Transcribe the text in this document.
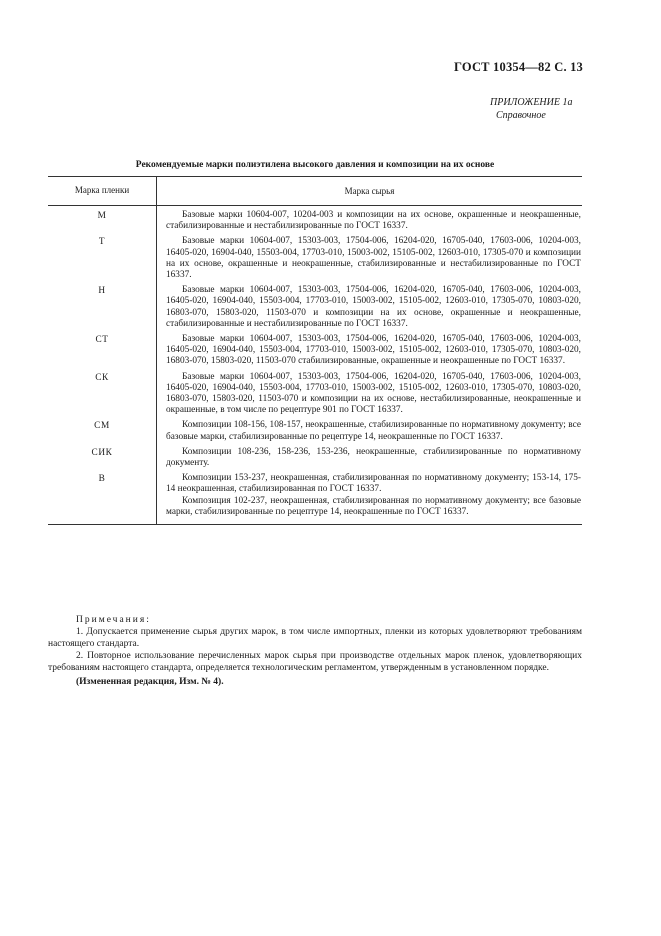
ГОСТ 10354—82 С. 13
ПРИЛОЖЕНИЕ 1а
Справочное
Рекомендуемые марки полиэтилена высокого давления и композиции на их основе
Марка пленки	Марка сырья
М	Базовые марки 10604-007, 10204-003 и композиции на их основе, окрашенные и неокрашенные, стабилизированные и нестабилизированные по ГОСТ 16337.

Т	Базовые марки 10604-007, 15303-003, 17504-006, 16204-020, 16705-040, 17603-006, 10204-003, 16405-020, 16904-040, 15503-004, 17703-010, 15003-002, 15105-002, 12603-010, 17305-070 и композиции на их основе, окрашенные и неокрашенные, стабилизированные и нестабилизированные по ГОСТ 16337.

Н	Базовые марки 10604-007, 15303-003, 17504-006, 16204-020, 16705-040, 17603-006, 10204-003, 16405-020, 16904-040, 15503-004, 17703-010, 15003-002, 15105-002, 12603-010, 17305-070, 10803-020, 16803-070, 15803-020, 11503-070 и композиции на их основе, окрашенные и неокрашенные, стабилизированные и нестабилизированные по ГОСТ 16337.

СТ	Базовые марки 10604-007, 15303-003, 17504-006, 16204-020, 16705-040, 17603-006, 10204-003, 16405-020, 16904-040, 15503-004, 17703-010, 15003-002, 15105-002, 12603-010, 17305-070, 10803-020, 16803-070, 15803-020, 11503-070 стабилизированные, окрашенные и неокрашенные по ГОСТ 16337.

СК	Базовые марки 10604-007, 15303-003, 17504-006, 16204-020, 16705-040, 17603-006, 10204-003, 16405-020, 16904-040, 15503-004, 17703-010, 15003-002, 15105-002, 12603-010, 17305-070, 10803-020, 16803-070, 15803-020, 11503-070 и композиции на их основе, нестабилизированные, неокрашенные и окрашенные, в том числе по рецептуре 901 по ГОСТ 16337.

СМ	Композиции 108-156, 108-157, неокрашенные, стабилизированные по нормативному документу; все базовые марки, стабилизированные по рецептуре 14, неокрашенные по ГОСТ 16337.

СИК	Композиции 108-236, 158-236, 153-236, неокрашенные, стабилизированные по нормативному документу.

В	Композиции 153-237, неокрашенная, стабилизированная по нормативному документу; 153-14, 175-14 неокрашенная, стабилизированная по ГОСТ 16337.

Композиция 102-237, неокрашенная, стабилизированная по нормативному документу; все базовые марки, стабилизированные по рецептуре 14, неокрашенные по ГОСТ 16337.

Примечания:

1. Допускается применение сырья других марок, в том числе импортных, пленки из которых удовлетворяют требованиям настоящего стандарта.

2. Повторное использование перечисленных марок сырья при производстве отдельных марок пленок, удовлетворяющих требованиям настоящего стандарта, определяется технологическим регламентом, утвержденным в установленном порядке.

(Измененная редакция, Изм. № 4).
